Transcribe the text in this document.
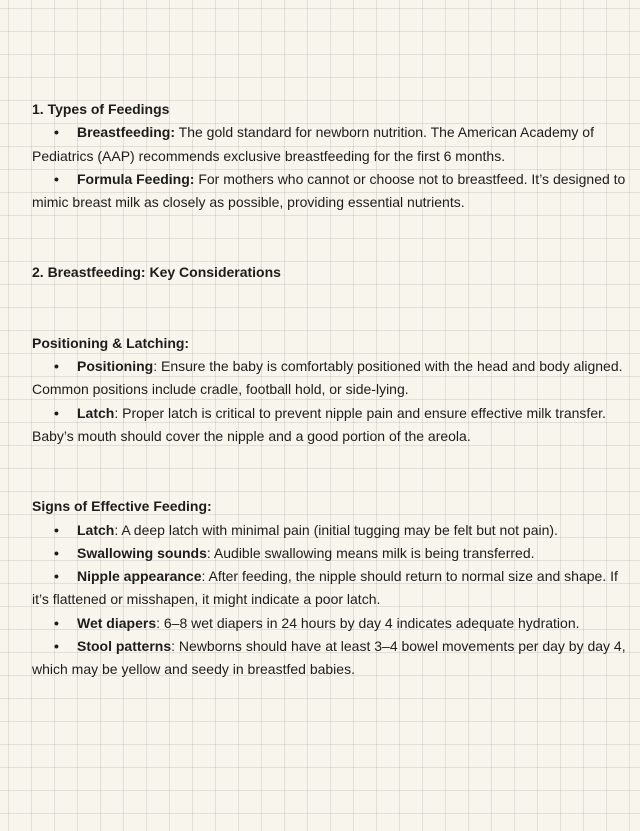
1. Types of Feedings

• Breastfeeding: The gold standard for newborn nutrition. The American Academy of Pediatrics (AAP) recommends exclusive breastfeeding for the first 6 months.

• Formula Feeding: For mothers who cannot or choose not to breastfeed. It’s designed to mimic breast milk as closely as possible, providing essential nutrients.

2. Breastfeeding: Key Considerations

Positioning & Latching:

• Positioning: Ensure the baby is comfortably positioned with the head and body aligned. Common positions include cradle, football hold, or side-lying.

• Latch: Proper latch is critical to prevent nipple pain and ensure effective milk transfer. Baby’s mouth should cover the nipple and a good portion of the areola.

Signs of Effective Feeding:

• Latch: A deep latch with minimal pain (initial tugging may be felt but not pain).

• Swallowing sounds: Audible swallowing means milk is being transferred.

• Nipple appearance: After feeding, the nipple should return to normal size and shape. If it’s flattened or misshapen, it might indicate a poor latch.

• Wet diapers: 6–8 wet diapers in 24 hours by day 4 indicates adequate hydration.

• Stool patterns: Newborns should have at least 3–4 bowel movements per day by day 4, which may be yellow and seedy in breastfed babies.
